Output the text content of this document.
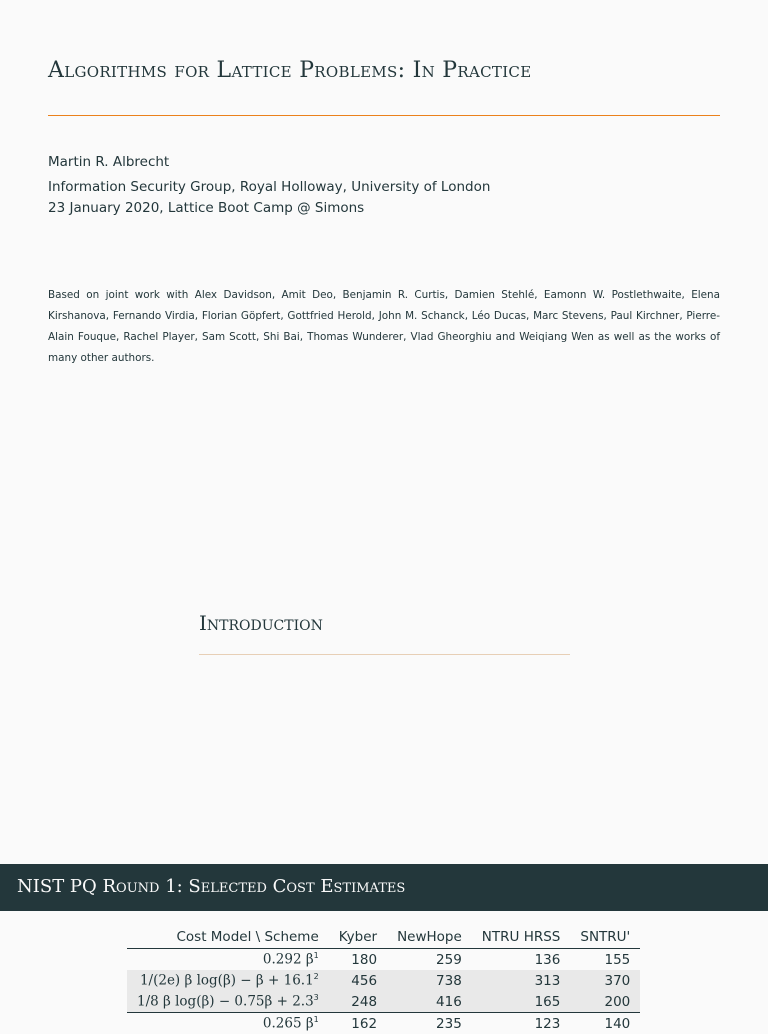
Algorithms for Lattice Problems: In Practice
Martin R. Albrecht
Information Security Group, Royal Holloway, University of London
23 January 2020, Lattice Boot Camp @ Simons

Based on joint work with Alex Davidson, Amit Deo, Benjamin R. Curtis, Damien Stehlé, Eamonn W. Postlethwaite, Elena Kirshanova, Fernando Virdia, Florian Göpfert, Gottfried Herold, John M. Schanck, Léo Ducas, Marc Stevens, Paul Kirchner, Pierre-Alain Fouque, Rachel Player, Sam Scott, Shi Bai, Thomas Wunderer, Vlad Gheorghiu and Weiqiang Wen as well as the works of many other authors.

Introduction
NIST PQ Round 1: Selected Cost Estimates
Cost Model \ Scheme	Kyber	NewHope	NTRU HRSS	SNTRU'
0.292 $\beta^1$	180	259	136	155
1/(2e) β $\log(\beta) - \beta + 16.1^2$	456	738	313	370
1/8 β $\log(\beta) - 0.75\beta + 2.3^3$	248	416	165	200
0.265 $\beta^1$	162	235	123	140
